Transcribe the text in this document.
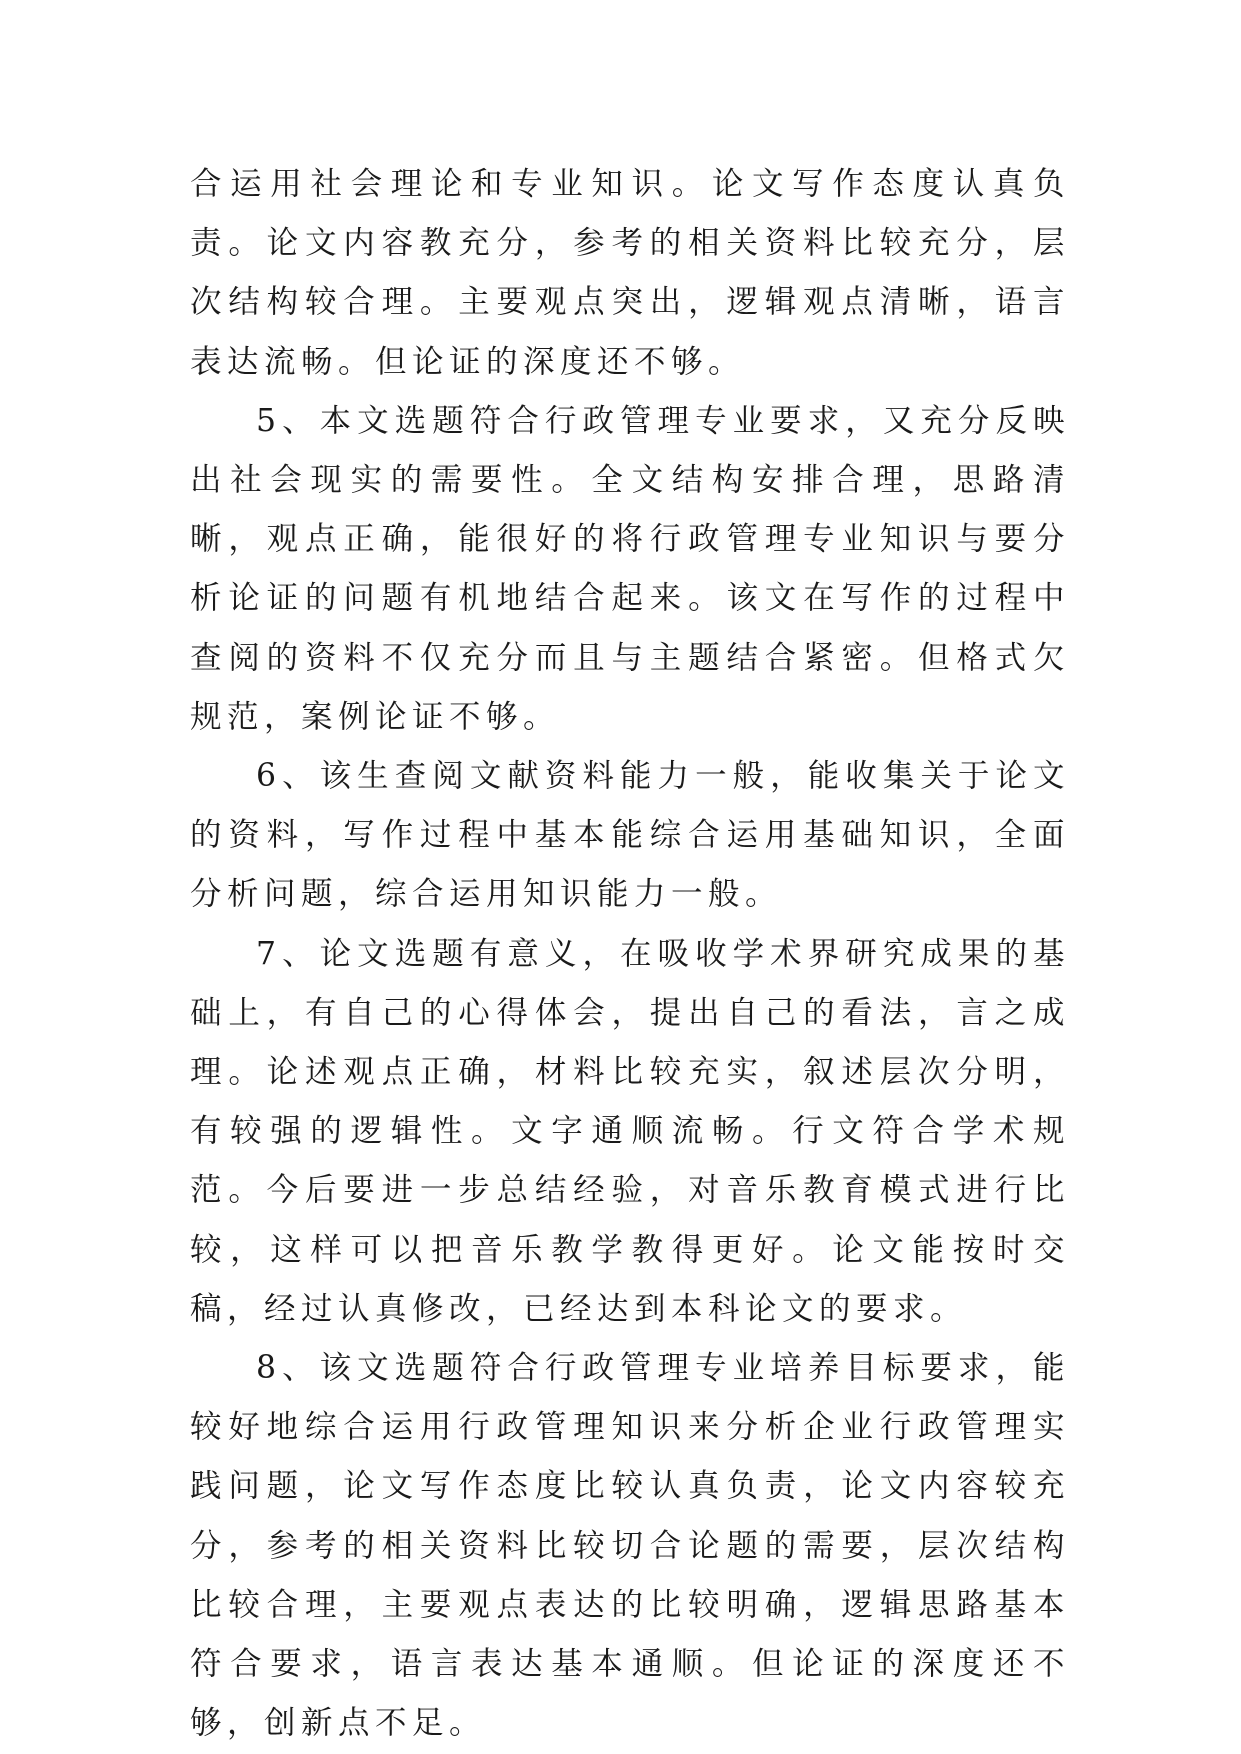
合运用社会理论和专业知识。论文写作态度认真负责。论文内容教充分，参考的相关资料比较充分，层次结构较合理。主要观点突出，逻辑观点清晰，语言表达流畅。但论证的深度还不够。

5、本文选题符合行政管理专业要求，又充分反映出社会现实的需要性。全文结构安排合理，思路清晰，观点正确，能很好的将行政管理专业知识与要分析论证的问题有机地结合起来。该文在写作的过程中查阅的资料不仅充分而且与主题结合紧密。但格式欠规范，案例论证不够。

6、该生查阅文献资料能力一般，能收集关于论文的资料，写作过程中基本能综合运用基础知识，全面分析问题，综合运用知识能力一般。

7、论文选题有意义，在吸收学术界研究成果的基础上，有自己的心得体会，提出自己的看法，言之成理。论述观点正确，材料比较充实，叙述层次分明，有较强的逻辑性。文字通顺流畅。行文符合学术规范。今后要进一步总结经验，对音乐教育模式进行比较，这样可以把音乐教学教得更好。论文能按时交稿，经过认真修改，已经达到本科论文的要求。

8、该文选题符合行政管理专业培养目标要求，能较好地综合运用行政管理知识来分析企业行政管理实践问题，论文写作态度比较认真负责，论文内容较充分，参考的相关资料比较切合论题的需要，层次结构比较合理，主要观点表达的比较明确，逻辑思路基本符合要求，语言表达基本通顺。但论证的深度还不够，创新点不足。
